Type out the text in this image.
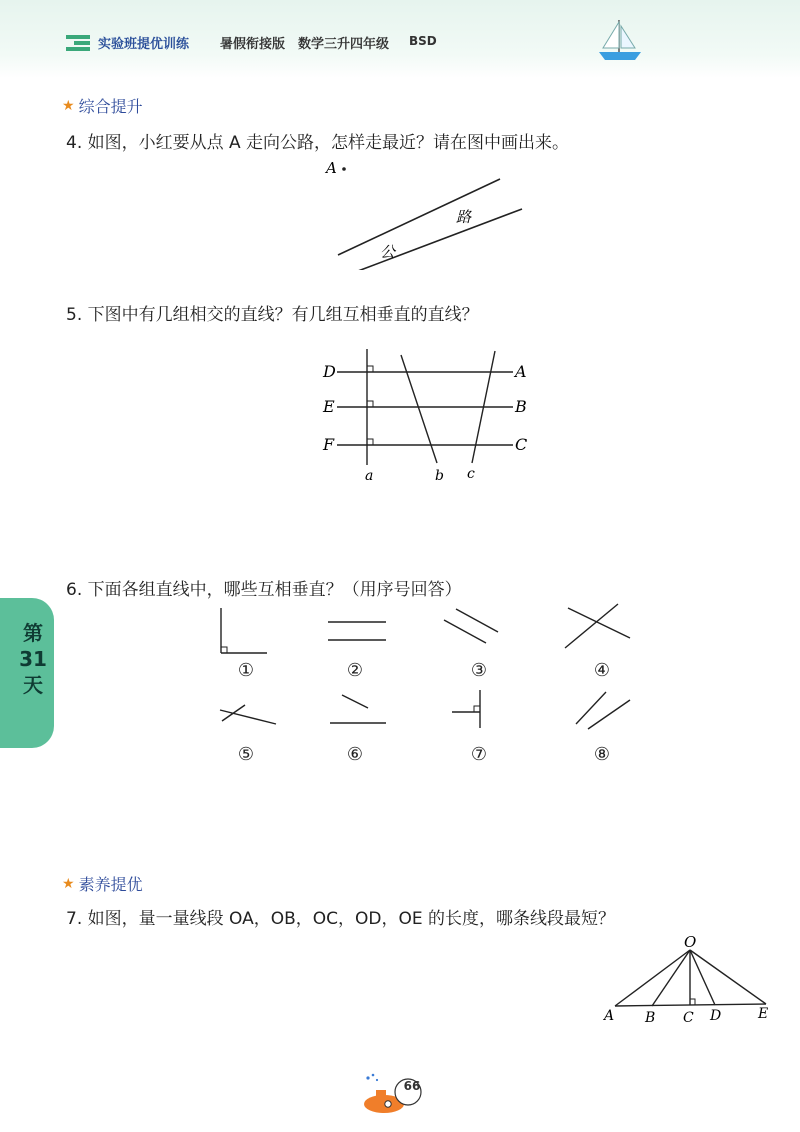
实验班提优训练 暑假衔接版 数学三升四年级 BSD
★ 综合提升
4. 如图，小红要从点 A 走向公路，怎样走最近？请在图中画出来。
A
路
公
5. 下图中有几组相交的直线？有几组互相垂直的直线？
D
E
F
A
B
C
a	b c
第31天
6. 下面各组直线中，哪些互相垂直？（用序号回答）
①	②	③	④
⑤	⑥	⑦	⑧
★ 素养提优
7. 如图，量一量线段 OA，OB，OC，OD，OE 的长度，哪条线段最短？
O
A B C D	E
66
